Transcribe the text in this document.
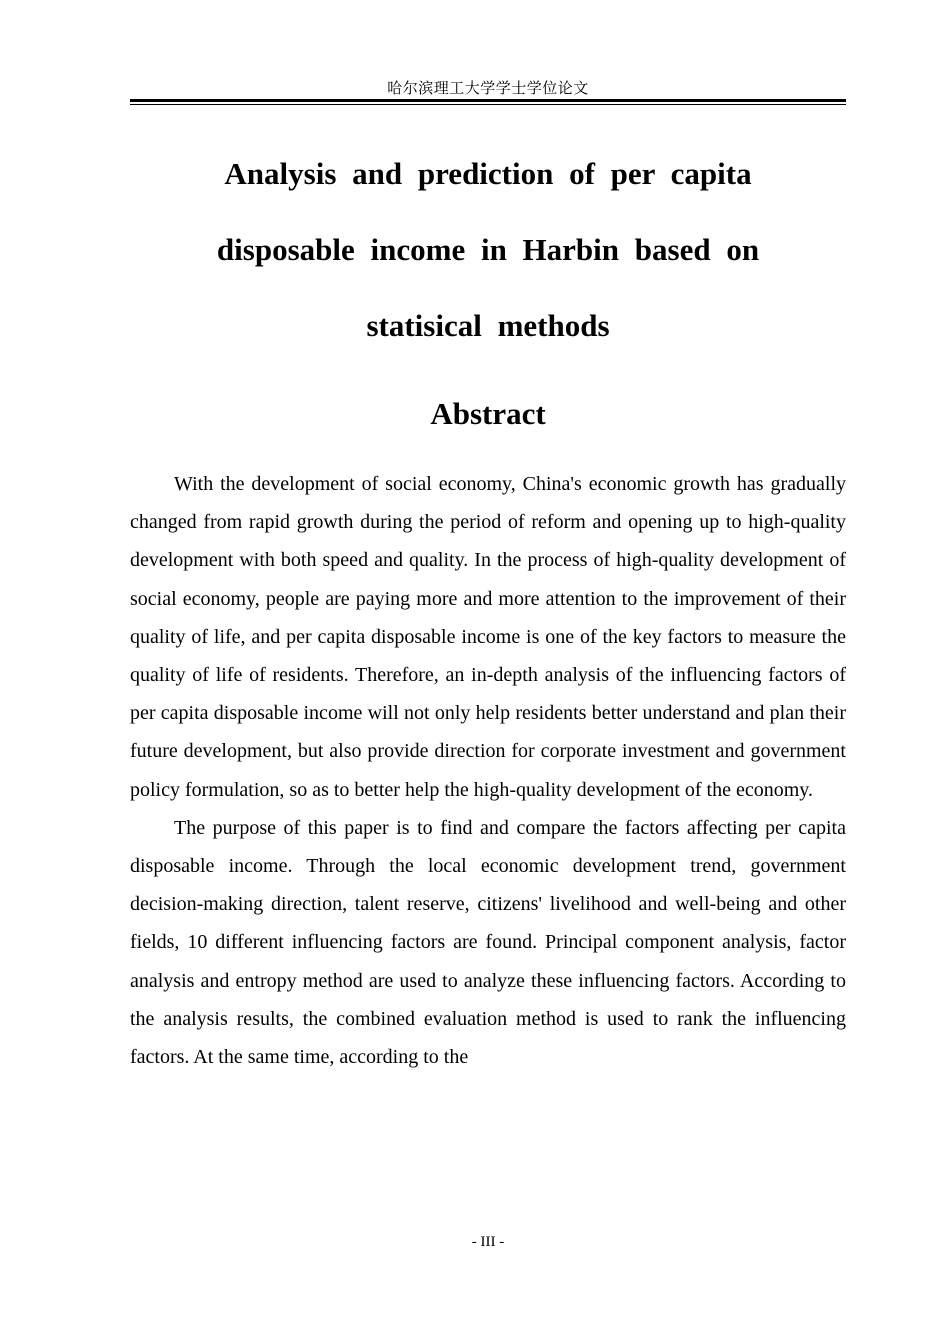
哈尔滨理工大学学士学位论文
Analysis and prediction of per capita disposable income in Harbin based on statisical methods
Abstract

With the development of social economy, China's economic growth has gradually changed from rapid growth during the period of reform and opening up to high-quality development with both speed and quality. In the process of high-quality development of social economy, people are paying more and more attention to the improvement of their quality of life, and per capita disposable income is one of the key factors to measure the quality of life of residents. Therefore, an in-depth analysis of the influencing factors of per capita disposable income will not only help residents better understand and plan their future development, but also provide direction for corporate investment and government policy formulation, so as to better help the high-quality development of the economy.

The purpose of this paper is to find and compare the factors affecting per capita disposable income. Through the local economic development trend, government decision-making direction, talent reserve, citizens' livelihood and well-being and other fields, 10 different influencing factors are found. Principal component analysis, factor analysis and entropy method are used to analyze these influencing factors. According to the analysis results, the combined evaluation method is used to rank the influencing factors. At the same time, according to the

- III -
